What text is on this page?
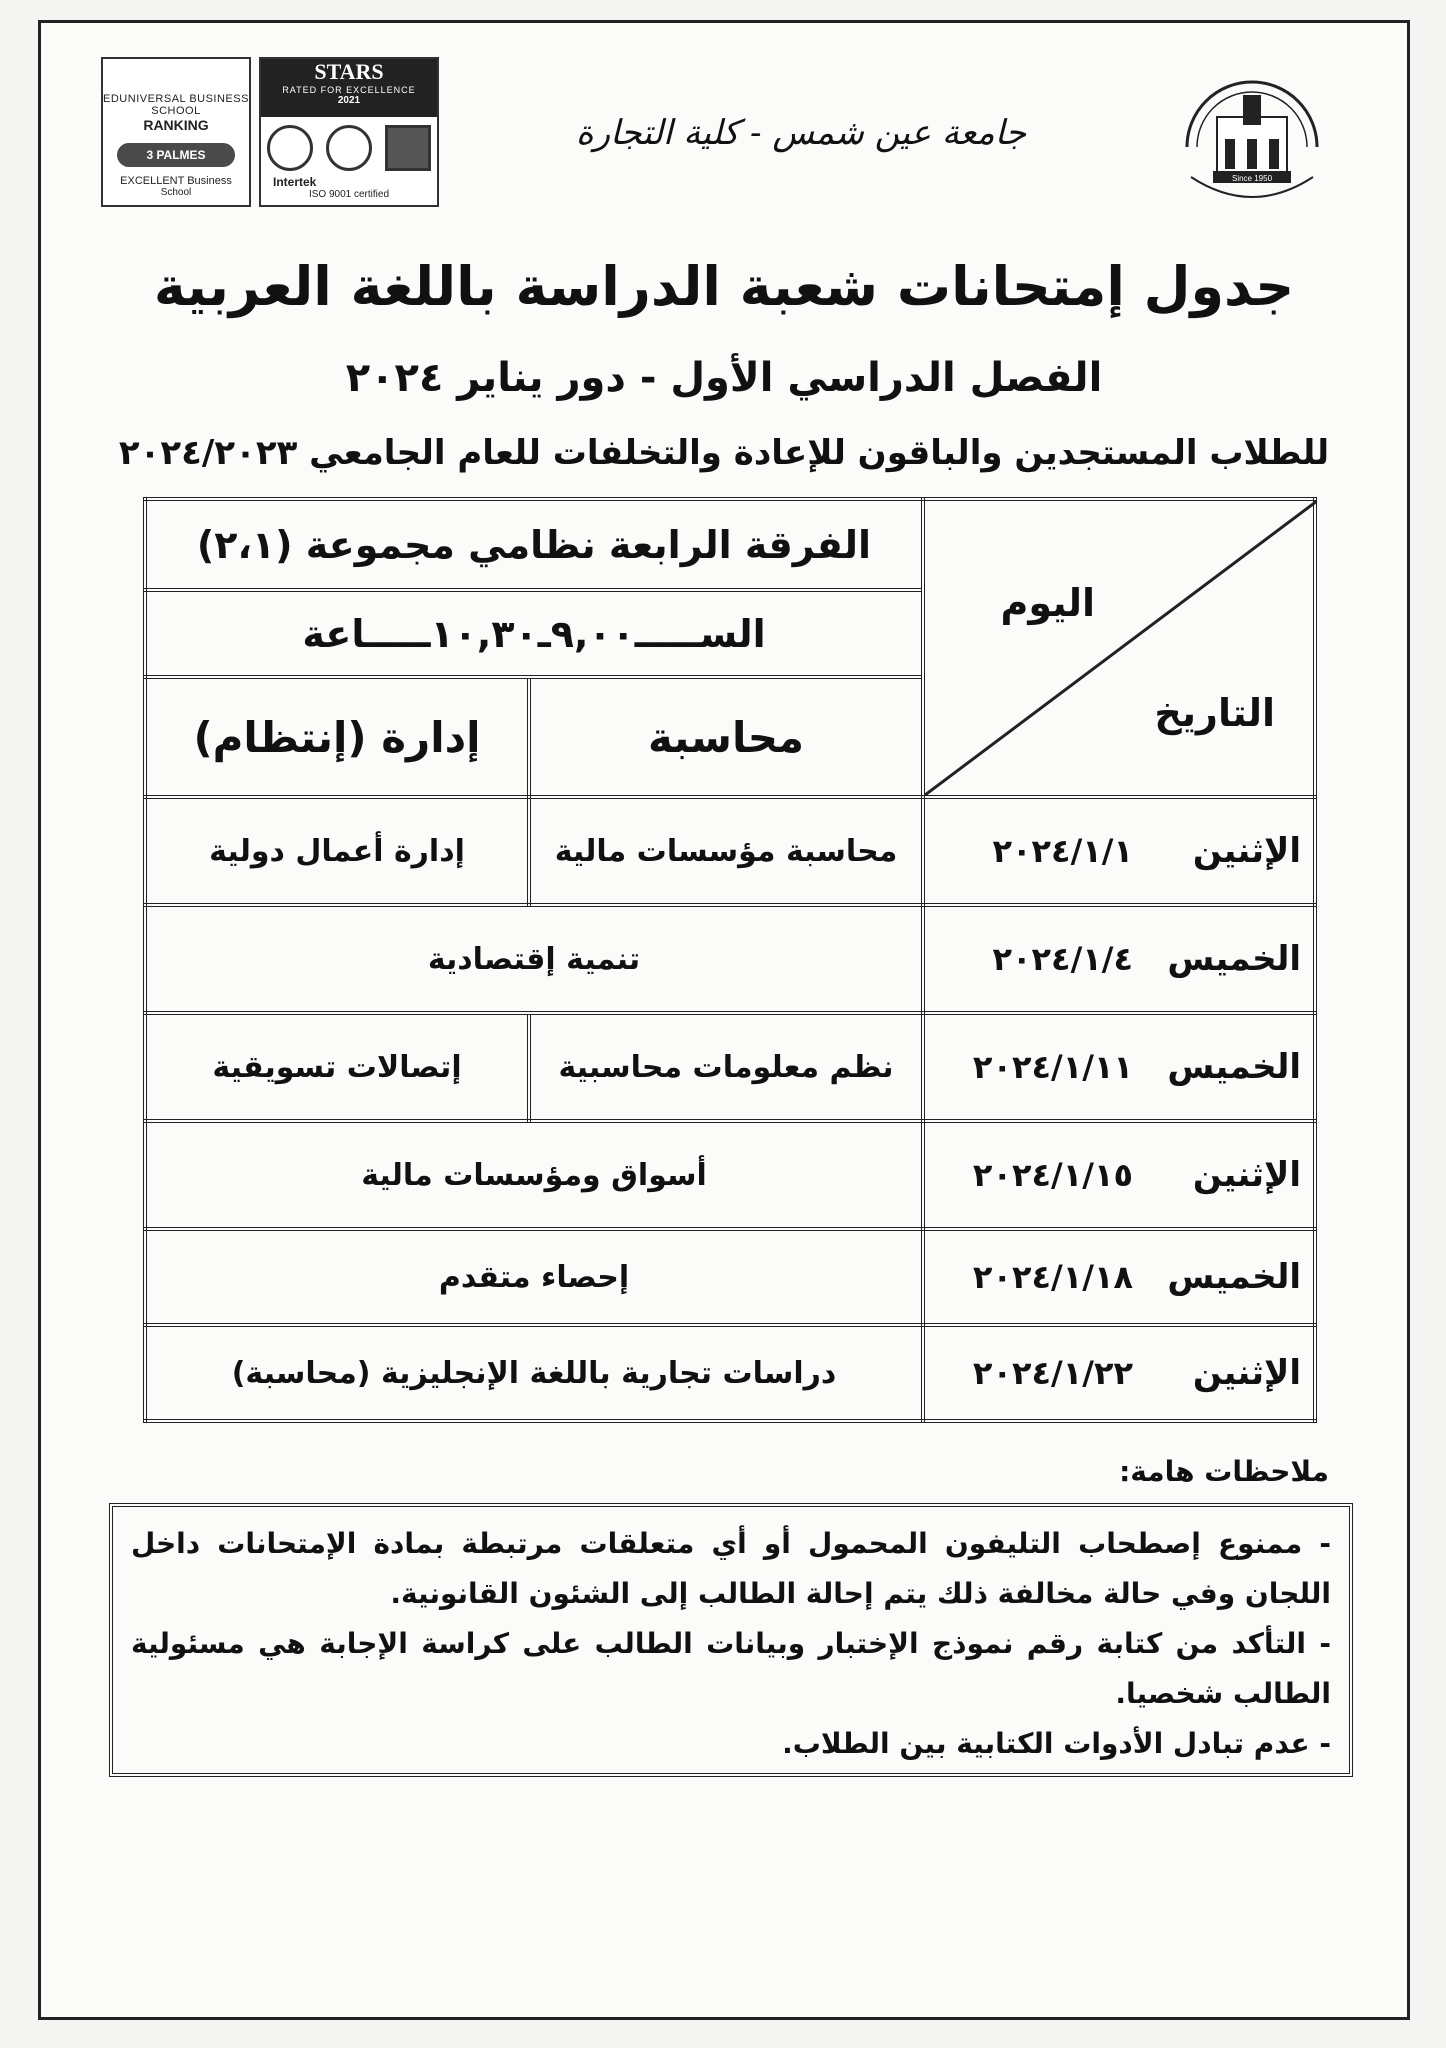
EDUNIVERSAL BUSINESS SCHOOL
RANKING
3 PALMES
EXCELLENT Business
School
STARS
RATED FOR EXCELLENCE
2021
Intertek
ISO 9001 certified
جامعة عين شمس - كلية التجارة
Since 1950
جدول إمتحانات شعبة الدراسة باللغة العربية
الفصل الدراسي الأول - دور يناير ٢٠٢٤
للطلاب المستجدين والباقون للإعادة والتخلفات للعام الجامعي ٢٠٢٤/٢٠٢٣
اليوم
التاريخ	الفرقة الرابعة نظامي مجموعة (٢،١)	
	الســـــ٩,٠٠ـ١٠,٣٠ـــــاعة	
	محاسبة	إدارة (إنتظام)
الإثنين٢٠٢٤/١/١	محاسبة مؤسسات مالية	إدارة أعمال دولية
الخميس٢٠٢٤/١/٤	تنمية إقتصادية	
الخميس٢٠٢٤/١/١١	نظم معلومات محاسبية	إتصالات تسويقية
الإثنين٢٠٢٤/١/١٥	أسواق ومؤسسات مالية	
الخميس٢٠٢٤/١/١٨	إحصاء متقدم	
الإثنين٢٠٢٤/١/٢٢	دراسات تجارية باللغة الإنجليزية (محاسبة)	
ملاحظات هامة:
- ممنوع إصطحاب التليفون المحمول أو أي متعلقات مرتبطة بمادة الإمتحانات داخل اللجان وفي حالة مخالفة ذلك يتم إحالة الطالب إلى الشئون القانونية.
- التأكد من كتابة رقم نموذج الإختبار وبيانات الطالب على كراسة الإجابة هي مسئولية الطالب شخصيا.
- عدم تبادل الأدوات الكتابية بين الطلاب.
